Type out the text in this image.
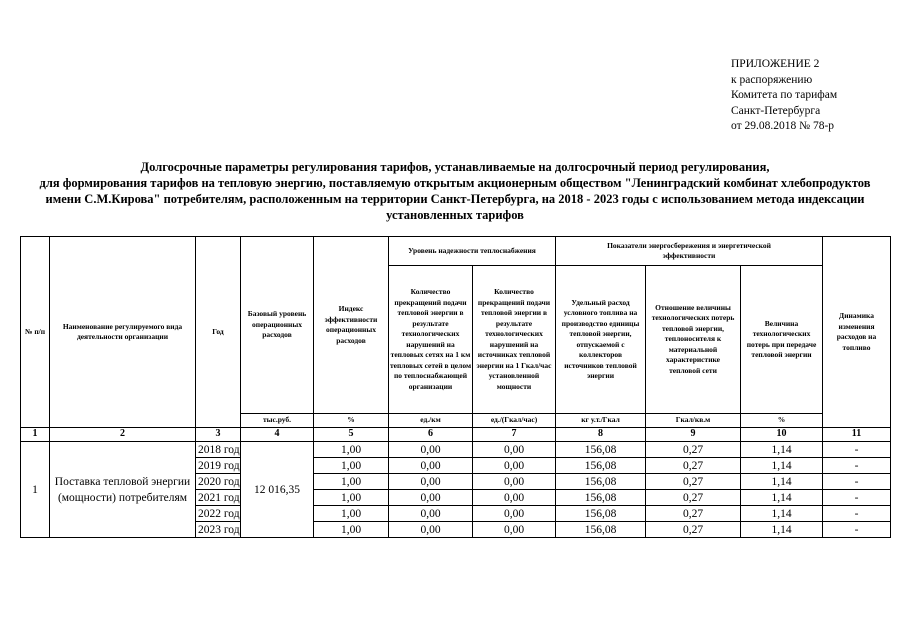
ПРИЛОЖЕНИЕ 2
к распоряжению
Комитета по тарифам
Санкт-Петербурга
от 29.08.2018 № 78-р
Долгосрочные параметры регулирования тарифов, устанавливаемые на долгосрочный период регулирования,
для формирования тарифов на тепловую энергию, поставляемую открытым акционерным обществом "Ленинградский комбинат хлебопродуктов
имени С.М.Кирова" потребителям, расположенным на территории Санкт-Петербурга, на 2018 - 2023 годы с использованием метода индексации
установленных тарифов
№ п/п	Наименование регулируемого вида деятельности организации	Год	Базовый уровень операционных расходов	Индекс эффективности операционных расходов	Уровень надежности теплоснабжения		Показатели энергосбережения и энергетической эффективности			Динамика изменения расходов на топливо
					Количество прекращений подачи тепловой энергии в результате технологических нарушений на тепловых сетях на 1 км тепловых сетей в целом по теплоснабжающей организации	Количество прекращений подачи тепловой энергии в результате технологических нарушений на источниках тепловой энергии на 1 Гкал/час установленной мощности	Удельный расход условного топлива на производство единицы тепловой энергии, отпускаемой с коллекторов источников тепловой энергии	Отношение величины технологических потерь тепловой энергии, теплоносителя к материальной характеристике тепловой сети	Величина технологических потерь при передаче тепловой энергии	
			тыс.руб.	%	ед./км	ед./(Гкал/час)	кг у.т./Гкал	Гкал/кв.м	%	
1	2	3	4	5	6	7	8	9	10	11
1	Поставка тепловой энергии (мощности) потребителям	2018 год	12 016,35	1,00	0,00	0,00	156,08	0,27	1,14	-
		2019 год		1,00	0,00	0,00	156,08	0,27	1,14	-
		2020 год		1,00	0,00	0,00	156,08	0,27	1,14	-
		2021 год		1,00	0,00	0,00	156,08	0,27	1,14	-
		2022 год		1,00	0,00	0,00	156,08	0,27	1,14	-
		2023 год		1,00	0,00	0,00	156,08	0,27	1,14	-
